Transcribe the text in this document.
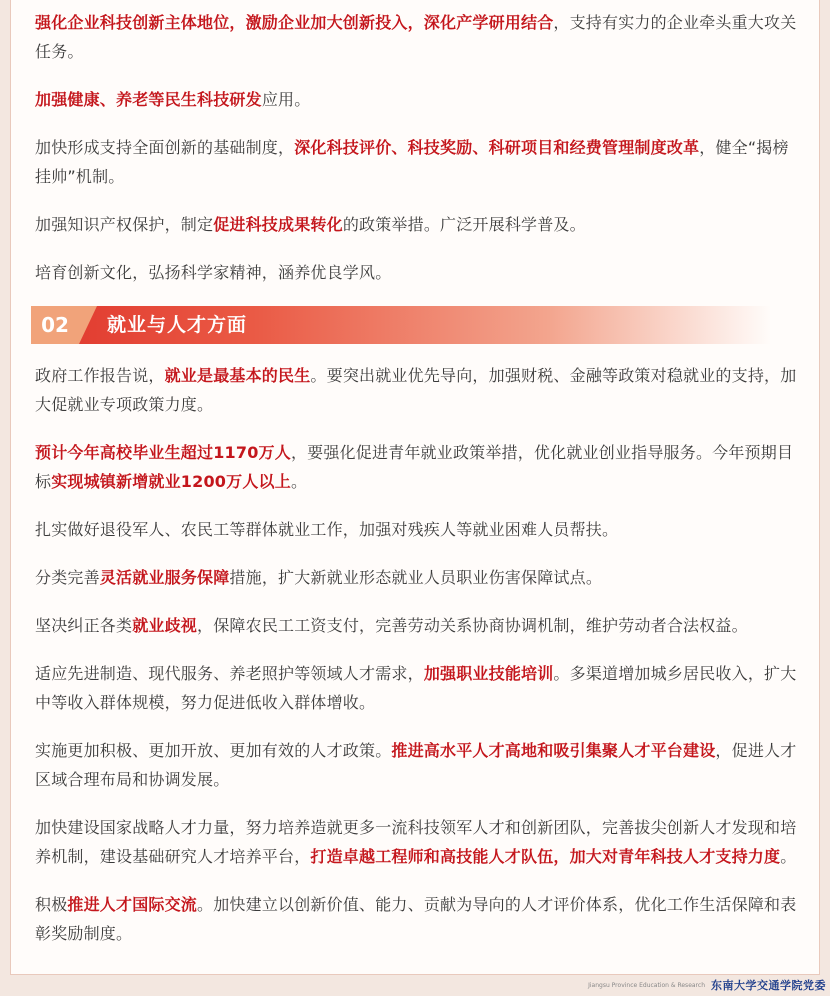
强化企业科技创新主体地位，激励企业加大创新投入，深化产学研用结合，支持有实力的企业牵头重大攻关任务。

加强健康、养老等民生科技研发应用。

加快形成支持全面创新的基础制度，深化科技评价、科技奖励、科研项目和经费管理制度改革，健全“揭榜挂帅”机制。

加强知识产权保护，制定促进科技成果转化的政策举措。广泛开展科学普及。

培育创新文化，弘扬科学家精神，涵养优良学风。

02	就业与人才方面

政府工作报告说，就业是最基本的民生。要突出就业优先导向，加强财税、金融等政策对稳就业的支持，加大促就业专项政策力度。

预计今年高校毕业生超过1170万人，要强化促进青年就业政策举措，优化就业创业指导服务。今年预期目标实现城镇新增就业1200万人以上。

扎实做好退役军人、农民工等群体就业工作，加强对残疾人等就业困难人员帮扶。

分类完善灵活就业服务保障措施，扩大新就业形态就业人员职业伤害保障试点。

坚决纠正各类就业歧视，保障农民工工资支付，完善劳动关系协商协调机制，维护劳动者合法权益。

适应先进制造、现代服务、养老照护等领域人才需求，加强职业技能培训。多渠道增加城乡居民收入，扩大中等收入群体规模，努力促进低收入群体增收。

实施更加积极、更加开放、更加有效的人才政策。推进高水平人才高地和吸引集聚人才平台建设，促进人才区域合理布局和协调发展。

加快建设国家战略人才力量，努力培养造就更多一流科技领军人才和创新团队，完善拔尖创新人才发现和培养机制，建设基础研究人才培养平台，打造卓越工程师和高技能人才队伍，加大对青年科技人才支持力度。

积极推进人才国际交流。加快建立以创新价值、能力、贡献为导向的人才评价体系，优化工作生活保障和表彰奖励制度。

Jiangsu Province Education & Research 东南大学交通学院党委
